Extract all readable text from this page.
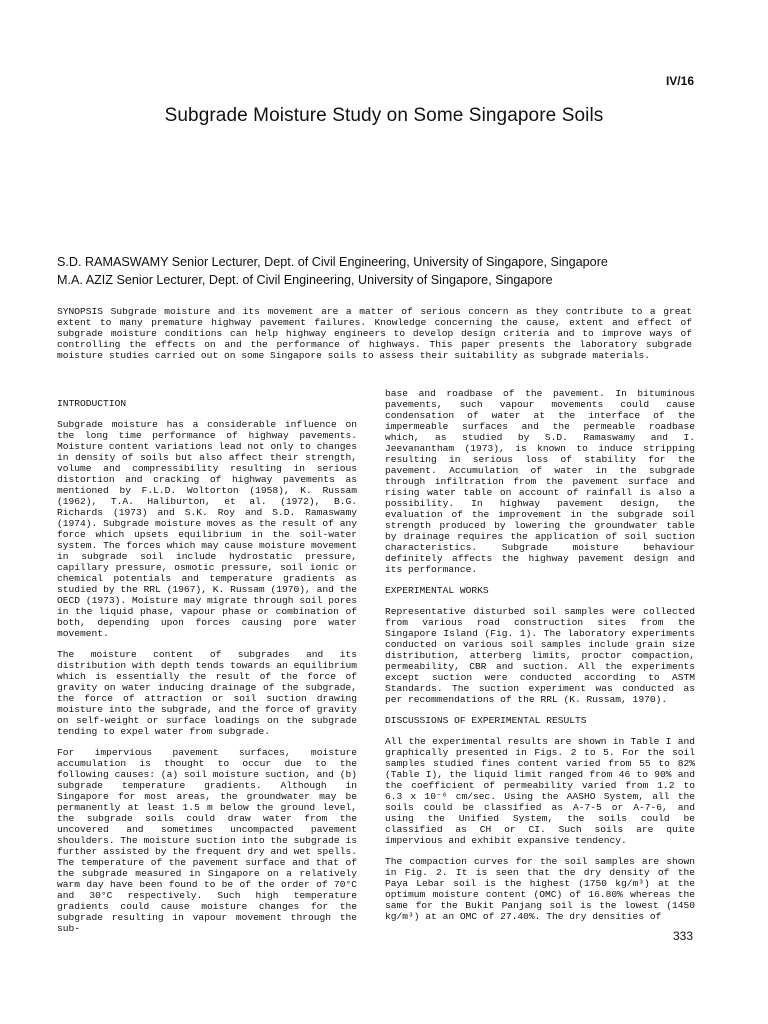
IV/16
Subgrade Moisture Study on Some Singapore Soils
S.D. RAMASWAMY Senior Lecturer, Dept. of Civil Engineering, University of Singapore, Singapore
M.A. AZIZ Senior Lecturer, Dept. of Civil Engineering, University of Singapore, Singapore
SYNOPSIS Subgrade moisture and its movement are a matter of serious concern as they contribute to a great extent to many premature highway pavement failures. Knowledge concerning the cause, extent and effect of subgrade moisture conditions can help highway engineers to develop design criteria and to improve ways of controlling the effects on and the performance of highways. This paper presents the laboratory subgrade moisture studies carried out on some Singapore soils to assess their suitability as subgrade materials.
INTRODUCTION

Subgrade moisture has a considerable influence on the long time performance of highway pavements. Moisture content variations lead not only to changes in density of soils but also affect their strength, volume and compressibility resulting in serious distortion and cracking of highway pavements as mentioned by F.L.D. Woltorton (1958), K. Russam (1962), T.A. Haliburton, et al. (1972), B.G. Richards (1973) and S.K. Roy and S.D. Ramaswamy (1974). Subgrade moisture moves as the result of any force which upsets equilibrium in the soil-water system. The forces which may cause moisture movement in subgrade soil include hydrostatic pressure, capillary pressure, osmotic pressure, soil ionic or chemical potentials and temperature gradients as studied by the RRL (1967), K. Russam (1970), and the OECD (1973). Moisture may migrate through soil pores in the liquid phase, vapour phase or combination of both, depending upon forces causing pore water movement.

The moisture content of subgrades and its distribution with depth tends towards an equilibrium which is essentially the result of the force of gravity on water inducing drainage of the subgrade, the force of attraction or soil suction drawing moisture into the subgrade, and the force of gravity on self-weight or surface loadings on the subgrade tending to expel water from subgrade.

For impervious pavement surfaces, moisture accumulation is thought to occur due to the following causes: (a) soil moisture suction, and (b) subgrade temperature gradients. Although in Singapore for most areas, the groundwater may be permanently at least 1.5 m below the ground level, the subgrade soils could draw water from the uncovered and sometimes uncompacted pavement shoulders. The moisture suction into the subgrade is further assisted by the frequent dry and wet spells. The temperature of the pavement surface and that of the subgrade measured in Singapore on a relatively warm day have been found to be of the order of 70°C and 30°C respectively. Such high temperature gradients could cause moisture changes for the subgrade resulting in vapour movement through the sub-

base and roadbase of the pavement. In bituminous pavements, such vapour movements could cause condensation of water at the interface of the impermeable surfaces and the permeable roadbase which, as studied by S.D. Ramaswamy and I. Jeevanantham (1973), is known to induce stripping resulting in serious loss of stability for the pavement. Accumulation of water in the subgrade through infiltration from the pavement surface and rising water table on account of rainfall is also a possibility. In highway pavement design, the evaluation of the improvement in the subgrade soil strength produced by lowering the groundwater table by drainage requires the application of soil suction characteristics. Subgrade moisture behaviour definitely affects the highway pavement design and its performance.

EXPERIMENTAL WORKS

Representative disturbed soil samples were collected from various road construction sites from the Singapore Island (Fig. 1). The laboratory experiments conducted on various soil samples include grain size distribution, atterberg limits, proctor compaction, permeability, CBR and suction. All the experiments except suction were conducted according to ASTM Standards. The suction experiment was conducted as per recommendations of the RRL (K. Russam, 1970).

DISCUSSIONS OF EXPERIMENTAL RESULTS

All the experimental results are shown in Table I and graphically presented in Figs. 2 to 5. For the soil samples studied fines content varied from 55 to 82% (Table I), the liquid limit ranged from 46 to 90% and the coefficient of permeability varied from 1.2 to 6.3 x 10⁻⁶ cm/sec. Using the AASHO System, all the soils could be classified as A-7-5 or A-7-6, and using the Unified System, the soils could be classified as CH or CI. Such soils are quite impervious and exhibit expansive tendency.

The compaction curves for the soil samples are shown in Fig. 2. It is seen that the dry density of the Paya Lebar soil is the highest (1750 kg/m³) at the optimum moisture content (OMC) of 16.80% whereas the same for the Bukit Panjang soil is the lowest (1450 kg/m³) at an OMC of 27.40%. The dry densities of

333
